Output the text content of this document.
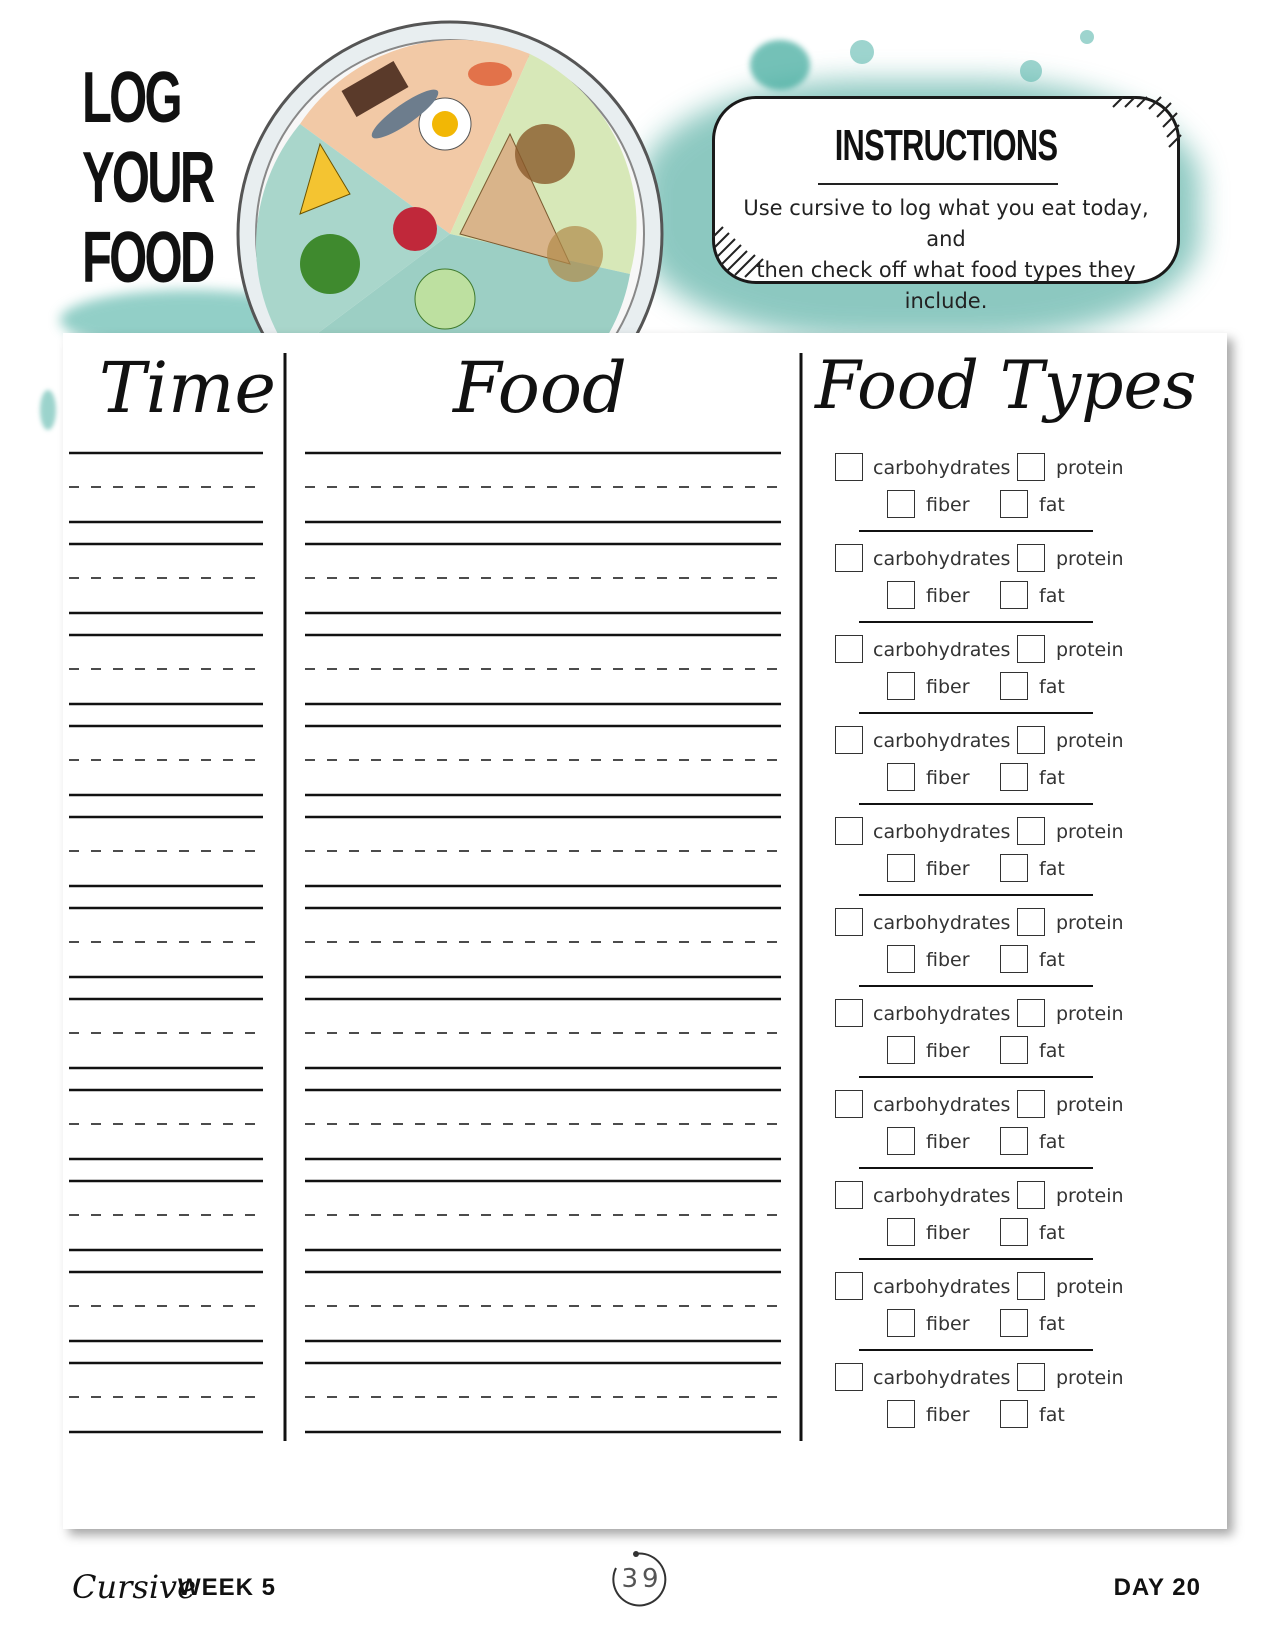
LOG
YOUR
FOOD
INSTRUCTIONS
Use cursive to log what you eat today, and
then check off what food types they include.
Time	Food	Food Types
carbohydrates protein
fiber	fat
carbohydrates protein
fiber	fat
carbohydrates protein
fiber	fat
carbohydrates protein
fiber	fat
carbohydrates protein
fiber	fat
carbohydrates protein
fiber	fat
carbohydrates protein
fiber	fat
carbohydrates protein
fiber	fat
carbohydrates protein
fiber	fat
carbohydrates protein
fiber	fat
carbohydrates protein
fiber	fat
Cursive
WEEK 5	39	DAY 20
